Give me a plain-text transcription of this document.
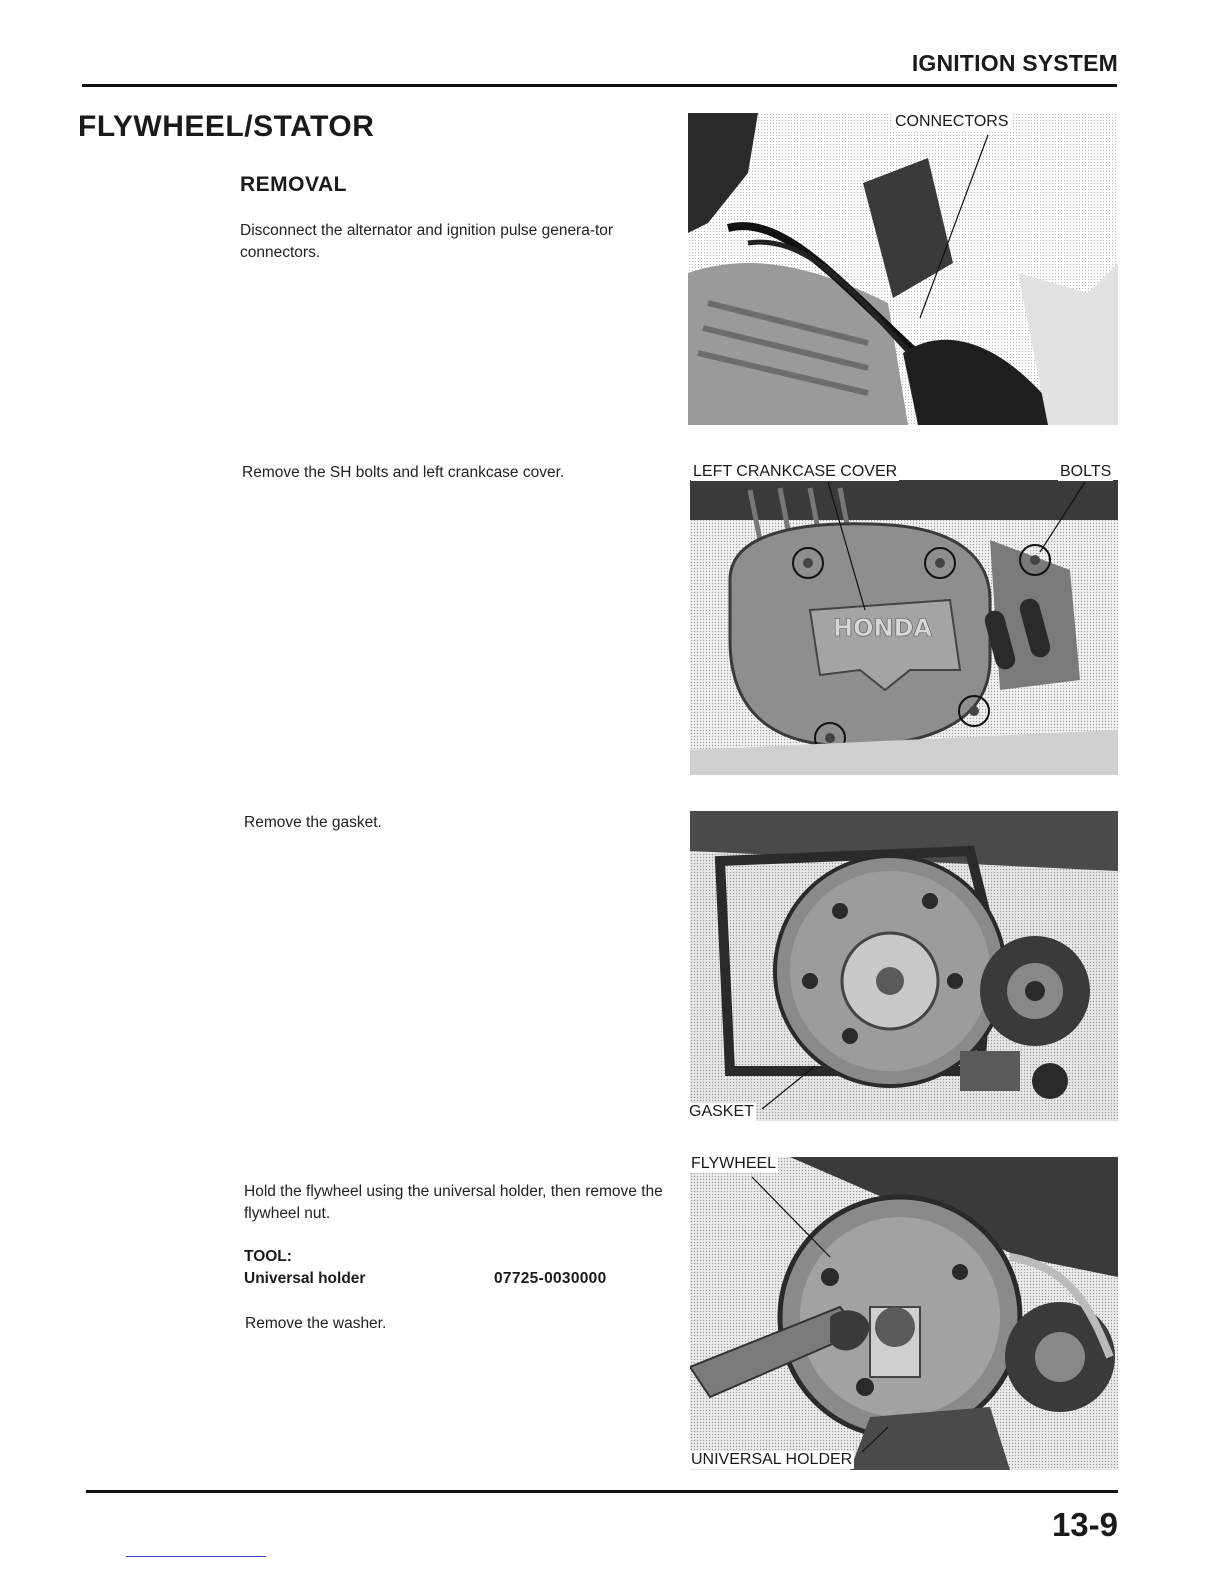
IGNITION SYSTEM
FLYWHEEL/STATOR
REMOVAL
Disconnect the alternator and ignition pulse genera-tor connectors.
Remove the SH bolts and left crankcase cover.
Remove the gasket.
Hold the flywheel using the universal holder, then remove the flywheel nut.
TOOL:
Universal holder	07725-0030000
Remove the washer.
CONNECTORS
HONDA
LEFT CRANKCASE COVER	BOLTS
GASKET
FLYWHEEL
UNIVERSAL HOLDER
13-9
